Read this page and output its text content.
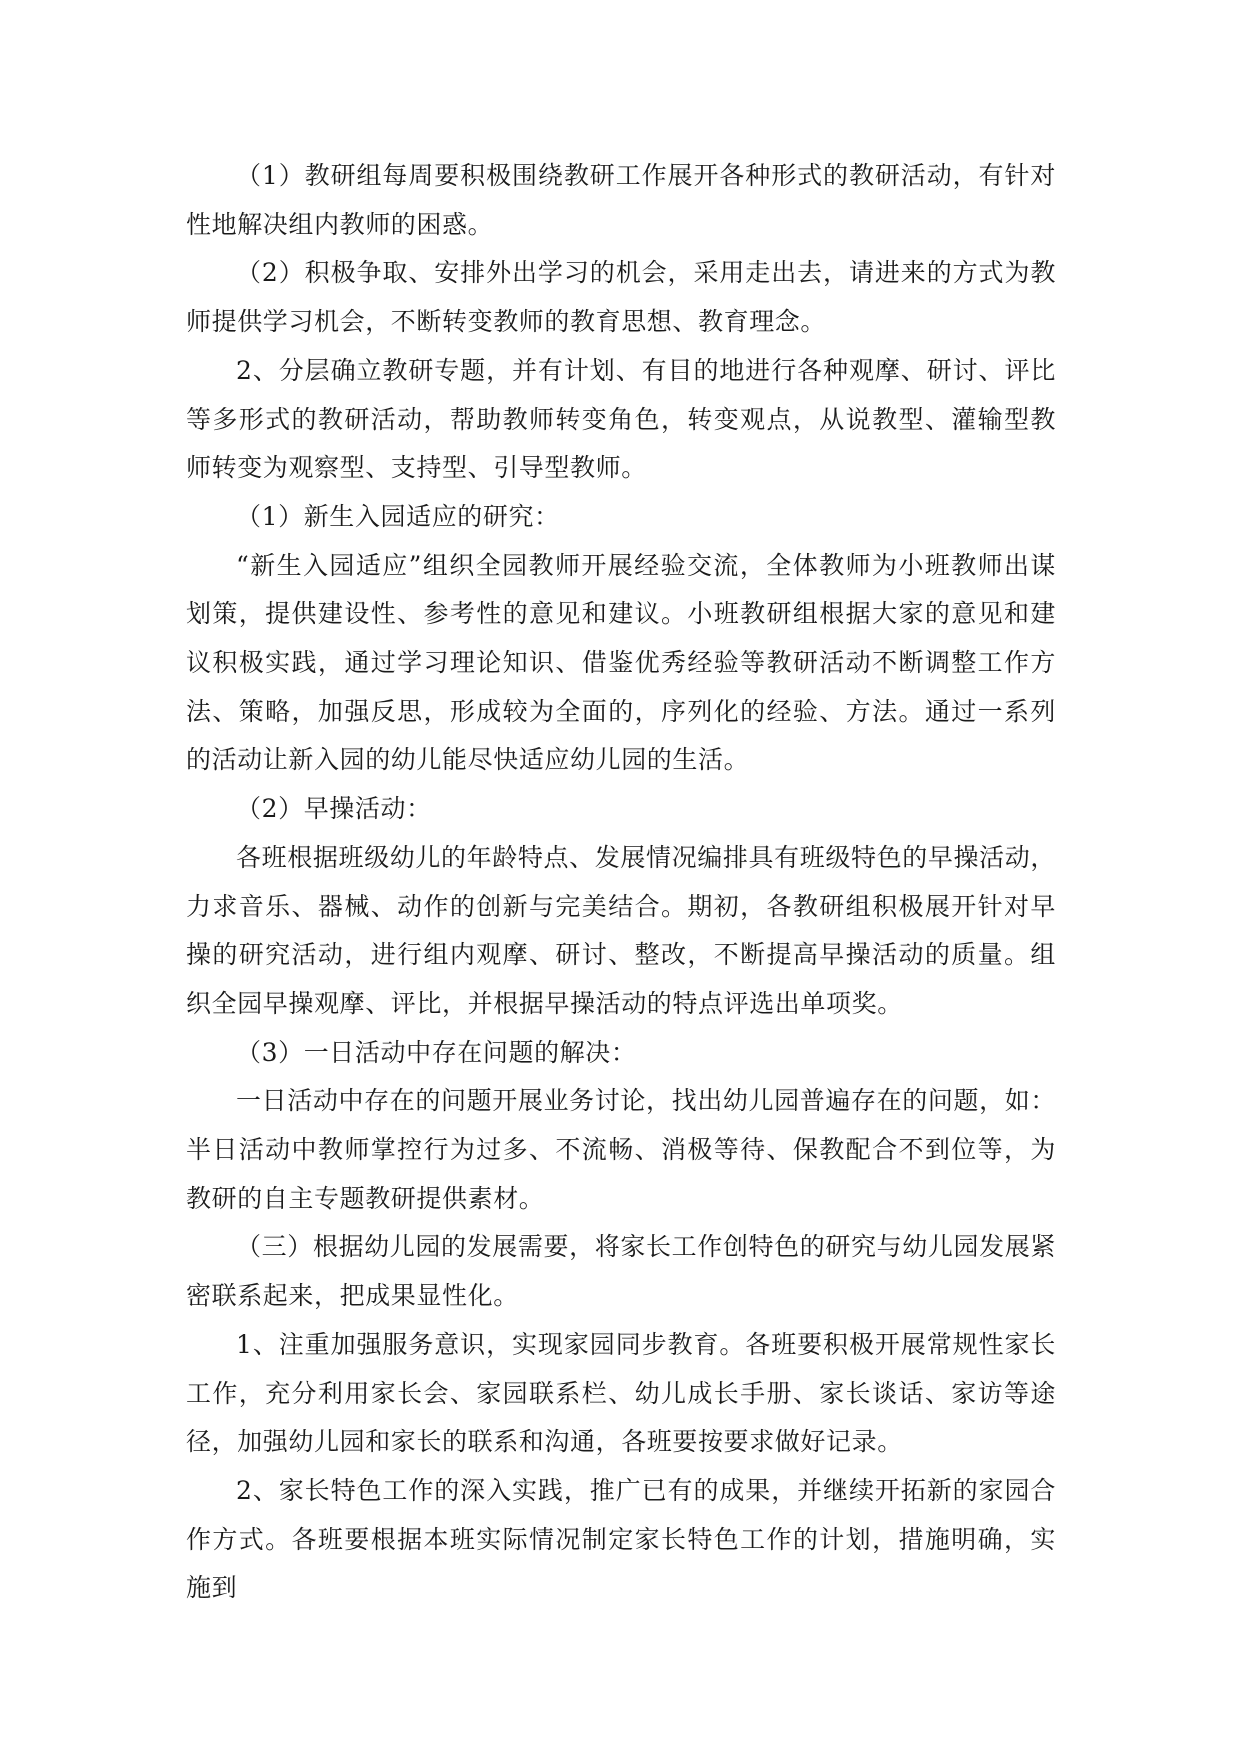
（1）教研组每周要积极围绕教研工作展开各种形式的教研活动，有针对性地解决组内教师的困惑。

（2）积极争取、安排外出学习的机会，采用走出去，请进来的方式为教师提供学习机会，不断转变教师的教育思想、教育理念。

2、分层确立教研专题，并有计划、有目的地进行各种观摩、研讨、评比等多形式的教研活动，帮助教师转变角色，转变观点，从说教型、灌输型教师转变为观察型、支持型、引导型教师。

（1）新生入园适应的研究：

“新生入园适应”组织全园教师开展经验交流，全体教师为小班教师出谋划策，提供建设性、参考性的意见和建议。小班教研组根据大家的意见和建议积极实践，通过学习理论知识、借鉴优秀经验等教研活动不断调整工作方法、策略，加强反思，形成较为全面的，序列化的经验、方法。通过一系列的活动让新入园的幼儿能尽快适应幼儿园的生活。

（2）早操活动：

各班根据班级幼儿的年龄特点、发展情况编排具有班级特色的早操活动，力求音乐、器械、动作的创新与完美结合。期初，各教研组积极展开针对早操的研究活动，进行组内观摩、研讨、整改，不断提高早操活动的质量。组织全园早操观摩、评比，并根据早操活动的特点评选出单项奖。

（3）一日活动中存在问题的解决：

一日活动中存在的问题开展业务讨论，找出幼儿园普遍存在的问题，如：半日活动中教师掌控行为过多、不流畅、消极等待、保教配合不到位等，为教研的自主专题教研提供素材。

（三）根据幼儿园的发展需要，将家长工作创特色的研究与幼儿园发展紧密联系起来，把成果显性化。

1、注重加强服务意识，实现家园同步教育。各班要积极开展常规性家长工作，充分利用家长会、家园联系栏、幼儿成长手册、家长谈话、家访等途径，加强幼儿园和家长的联系和沟通，各班要按要求做好记录。

2、家长特色工作的深入实践，推广已有的成果，并继续开拓新的家园合作方式。各班要根据本班实际情况制定家长特色工作的计划，措施明确，实施到
